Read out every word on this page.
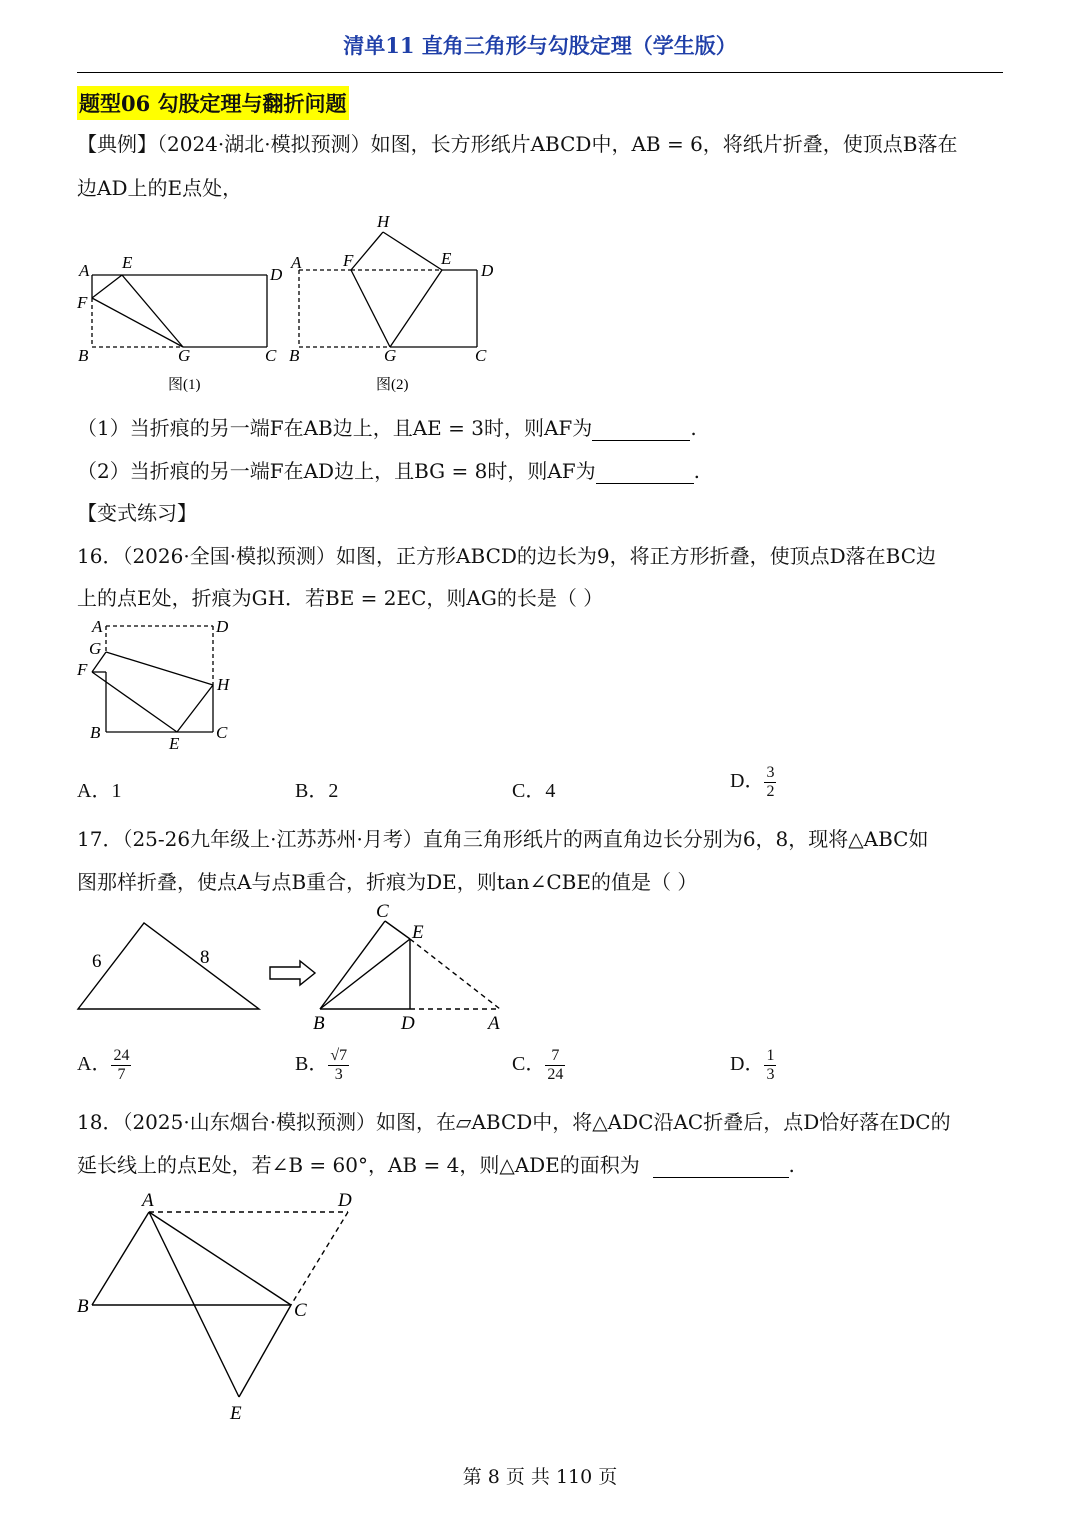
清单11 直角三角形与勾股定理（学生版）
题型06 勾股定理与翻折问题
【典例】（2024·湖北·模拟预测）如图，长方形纸片ABCD中，AB = 6，将纸片折叠，使顶点B落在
边AD上的E点处，
A E
D
F
B	G	C
图(1)
H
A F	E
D
B	G	C
图(2)
（1）当折痕的另一端F在AB边上，且AE = 3时，则AF为	.
（2）当折痕的另一端F在AD边上，且BG = 8时，则AF为	.
【变式练习】
16．（2026·全国·模拟预测）如图，正方形ABCD的边长为9，将正方形折叠，使顶点D落在BC边
上的点E处，折痕为GH．若BE = 2EC，则AG的长是（ ）
A	D
G
F
H
B	C
E
A．1	B．2	C．4	D． $\frac{3}{2}$
17．（25-26九年级上·江苏苏州·月考）直角三角形纸片的两直角边长分别为6，8，现将△ABC如
图那样折叠，使点A与点B重合，折痕为DE，则tan∠CBE的值是（ ）
6	8
C
E
B	D	A
A． $\frac{24}{7}$	B． $\frac{√7}{3}$	C． $\frac{7}{24}$	D． $\frac{1}{3}$
18．（2025·山东烟台·模拟预测）如图，在▱ABCD中，将△ADC沿AC折叠后，点D恰好落在DC的
延长线上的点E处，若∠B = 60°，AB = 4，则△ADE的面积为	.
A	D
B	C
E
第 8 页 共 110 页
